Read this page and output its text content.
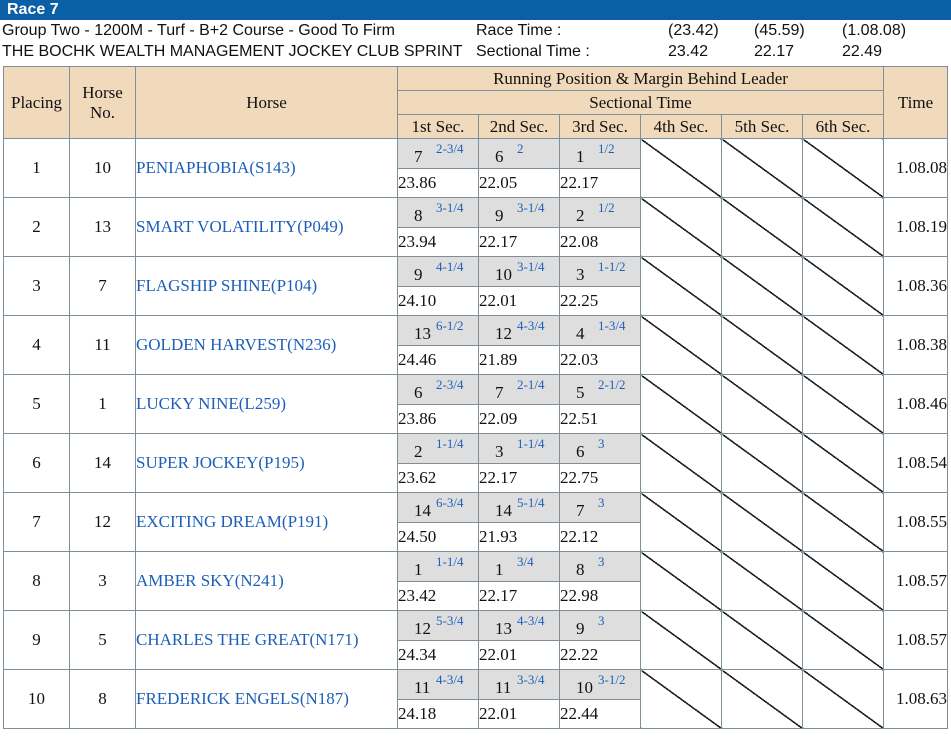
Race 7
Group Two - 1200M - Turf - B+2 Course - Good To Firm
THE BOCHK WEALTH MANAGEMENT JOCKEY CLUB SPRINT
Race Time :
Sectional Time :
(23.42) (45.59) (1.08.08)
23.42	22.17	22.49
Placing	Horse No.	Horse	Running Position & Margin Behind Leader						Time
			Sectional Time						
			1st Sec.	2nd Sec.	3rd Sec.	4th Sec.	5th Sec.	6th Sec.	
1	10	PENIAPHOBIA(S143)	7 2-3/4	6 2	1 1/2				1.08.08
			23.86	22.05	22.17				
2	13	SMART VOLATILITY(P049)	8 3-1/4	9 3-1/4	2 1/2				1.08.19
			23.94	22.17	22.08				
3	7	FLAGSHIP SHINE(P104)	9 4-1/4	10 3-1/4	3 1-1/2				1.08.36
			24.10	22.01	22.25				
4	11	GOLDEN HARVEST(N236)	13 6-1/2	12 4-3/4	4 1-3/4				1.08.38
			24.46	21.89	22.03				
5	1	LUCKY NINE(L259)	6 2-3/4	7 2-1/4	5 2-1/2				1.08.46
			23.86	22.09	22.51				
6	14	SUPER JOCKEY(P195)	2 1-1/4	3 1-1/4	6 3				1.08.54
			23.62	22.17	22.75				
7	12	EXCITING DREAM(P191)	14 6-3/4	14 5-1/4	7 3				1.08.55
			24.50	21.93	22.12				
8	3	AMBER SKY(N241)	1 1-1/4	1 3/4	8 3				1.08.57
			23.42	22.17	22.98				
9	5	CHARLES THE GREAT(N171)	12 5-3/4	13 4-3/4	9 3				1.08.57
			24.34	22.01	22.22				
10	8	FREDERICK ENGELS(N187)	11 4-3/4	11 3-3/4	10 3-1/2				1.08.63
			24.18	22.01	22.44				
